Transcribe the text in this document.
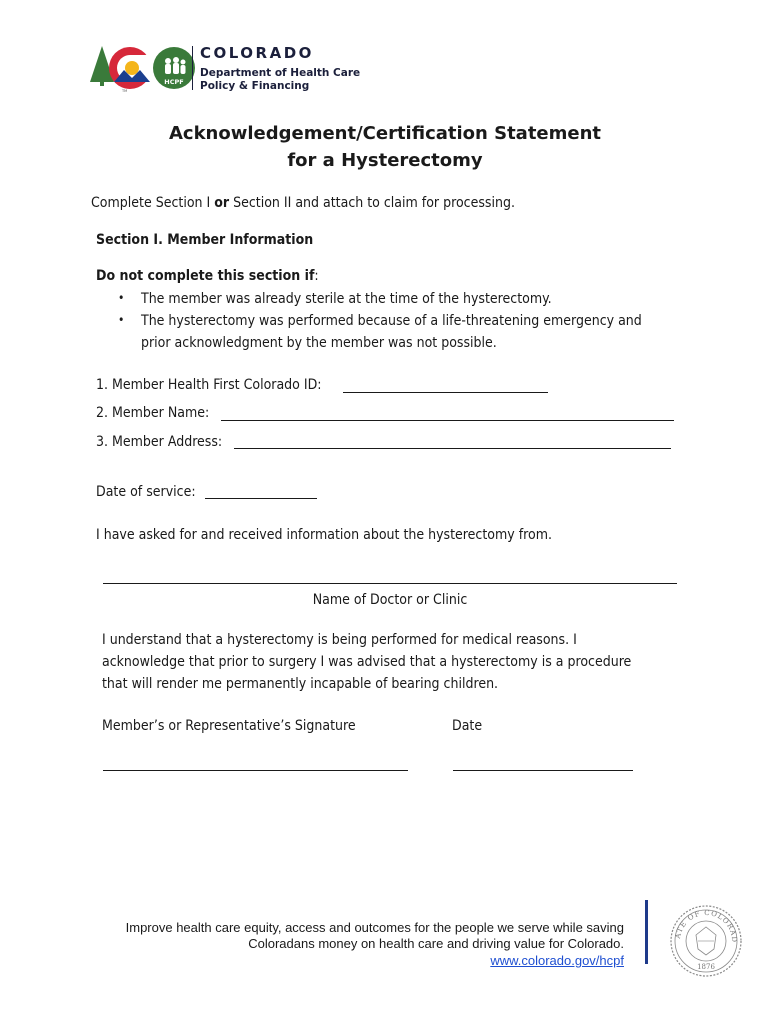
HCPF
TM
COLORADO
Department of Health Care
Policy & Financing
Acknowledgement/Certification Statement
for a Hysterectomy
Complete Section I or Section II and attach to claim for processing.
Section I. Member Information
Do not complete this section if:
• The member was already sterile at the time of the hysterectomy.
• The hysterectomy was performed because of a life-threatening emergency and
prior acknowledgment by the member was not possible.
1. Member Health First Colorado ID:
2. Member Name:
3. Member Address:
Date of service:
I have asked for and received information about the hysterectomy from.
Name of Doctor or Clinic
I understand that a hysterectomy is being performed for medical reasons. I
acknowledge that prior to surgery I was advised that a hysterectomy is a procedure
that will render me permanently incapable of bearing children.
Member’s or Representative’s Signature	Date
Improve health care equity, access and outcomes for the people we serve while saving
Coloradans money on health care and driving value for Colorado.
www.colorado.gov/hcpf
ATE OF COLORAD
1876
